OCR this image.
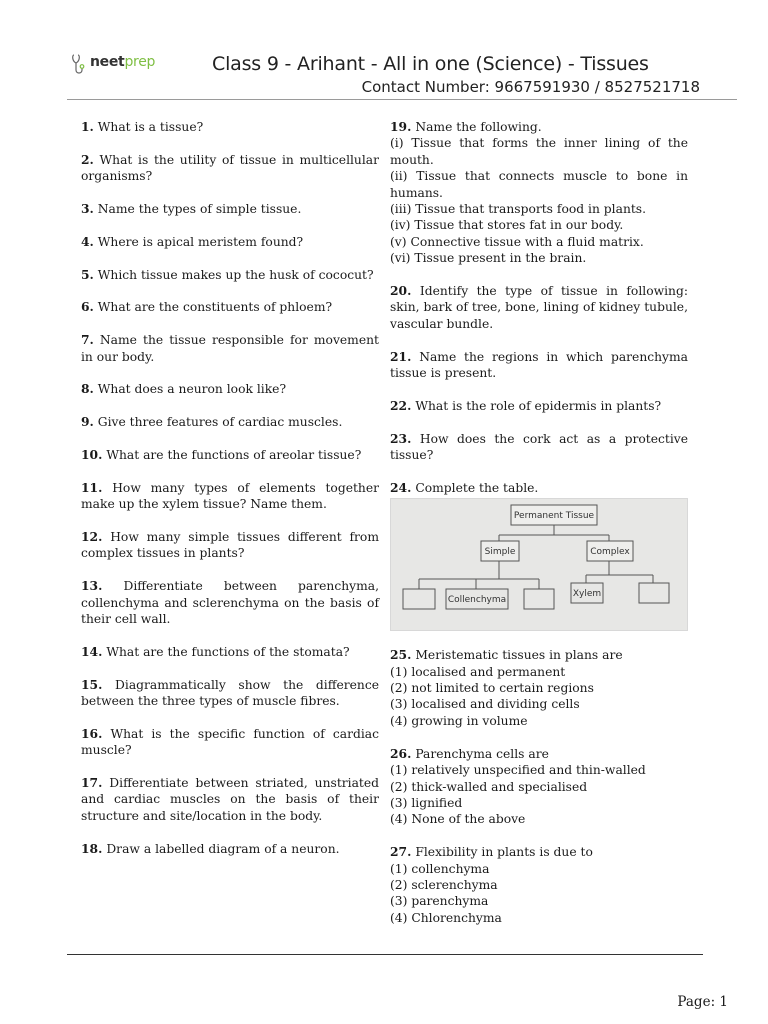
neetprep	Class 9 - Arihant - All in one (Science) - Tissues
Contact Number: 9667591930 / 8527521718
1. What is a tissue?
2. What is the utility of tissue in multicellular organisms?
3. Name the types of simple tissue.
4. Where is apical meristem found?
5. Which tissue makes up the husk of cococut?
6. What are the constituents of phloem?
7. Name the tissue responsible for movement in our body.
8. What does a neuron look like?
9. Give three features of cardiac muscles.
10. What are the functions of areolar tissue?
11. How many types of elements together make up the xylem tissue? Name them.
12. How many simple tissues different from complex tissues in plants?
13. Differentiate between parenchyma, collenchyma and sclerenchyma on the basis of their cell wall.
14. What are the functions of the stomata?
15. Diagrammatically show the difference between the three types of muscle fibres.
16. What is the specific function of cardiac muscle?
17. Differentiate between striated, unstriated and cardiac muscles on the basis of their structure and site/location in the body.
18. Draw a labelled diagram of a neuron.
19. Name the following.
(i) Tissue that forms the inner lining of the mouth.
(ii) Tissue that connects muscle to bone in humans.
(iii) Tissue that transports food in plants.
(iv) Tissue that stores fat in our body.
(v) Connective tissue with a fluid matrix.
(vi) Tissue present in the brain.
20. Identify the type of tissue in following: skin, bark of tree, bone, lining of kidney tubule, vascular bundle.
21. Name the regions in which parenchyma tissue is present.
22. What is the role of epidermis in plants?
23. How does the cork act as a protective tissue?
24. Complete the table.
Permanent Tissue
Simple	Complex
Collenchyma
Xylem
25. Meristematic tissues in plans are
(1) localised and permanent
(2) not limited to certain regions
(3) localised and dividing cells
(4) growing in volume
26. Parenchyma cells are
(1) relatively unspecified and thin-walled
(2) thick-walled and specialised
(3) lignified
(4) None of the above
27. Flexibility in plants is due to
(1) collenchyma
(2) sclerenchyma
(3) parenchyma
(4) Chlorenchyma
Page: 1
